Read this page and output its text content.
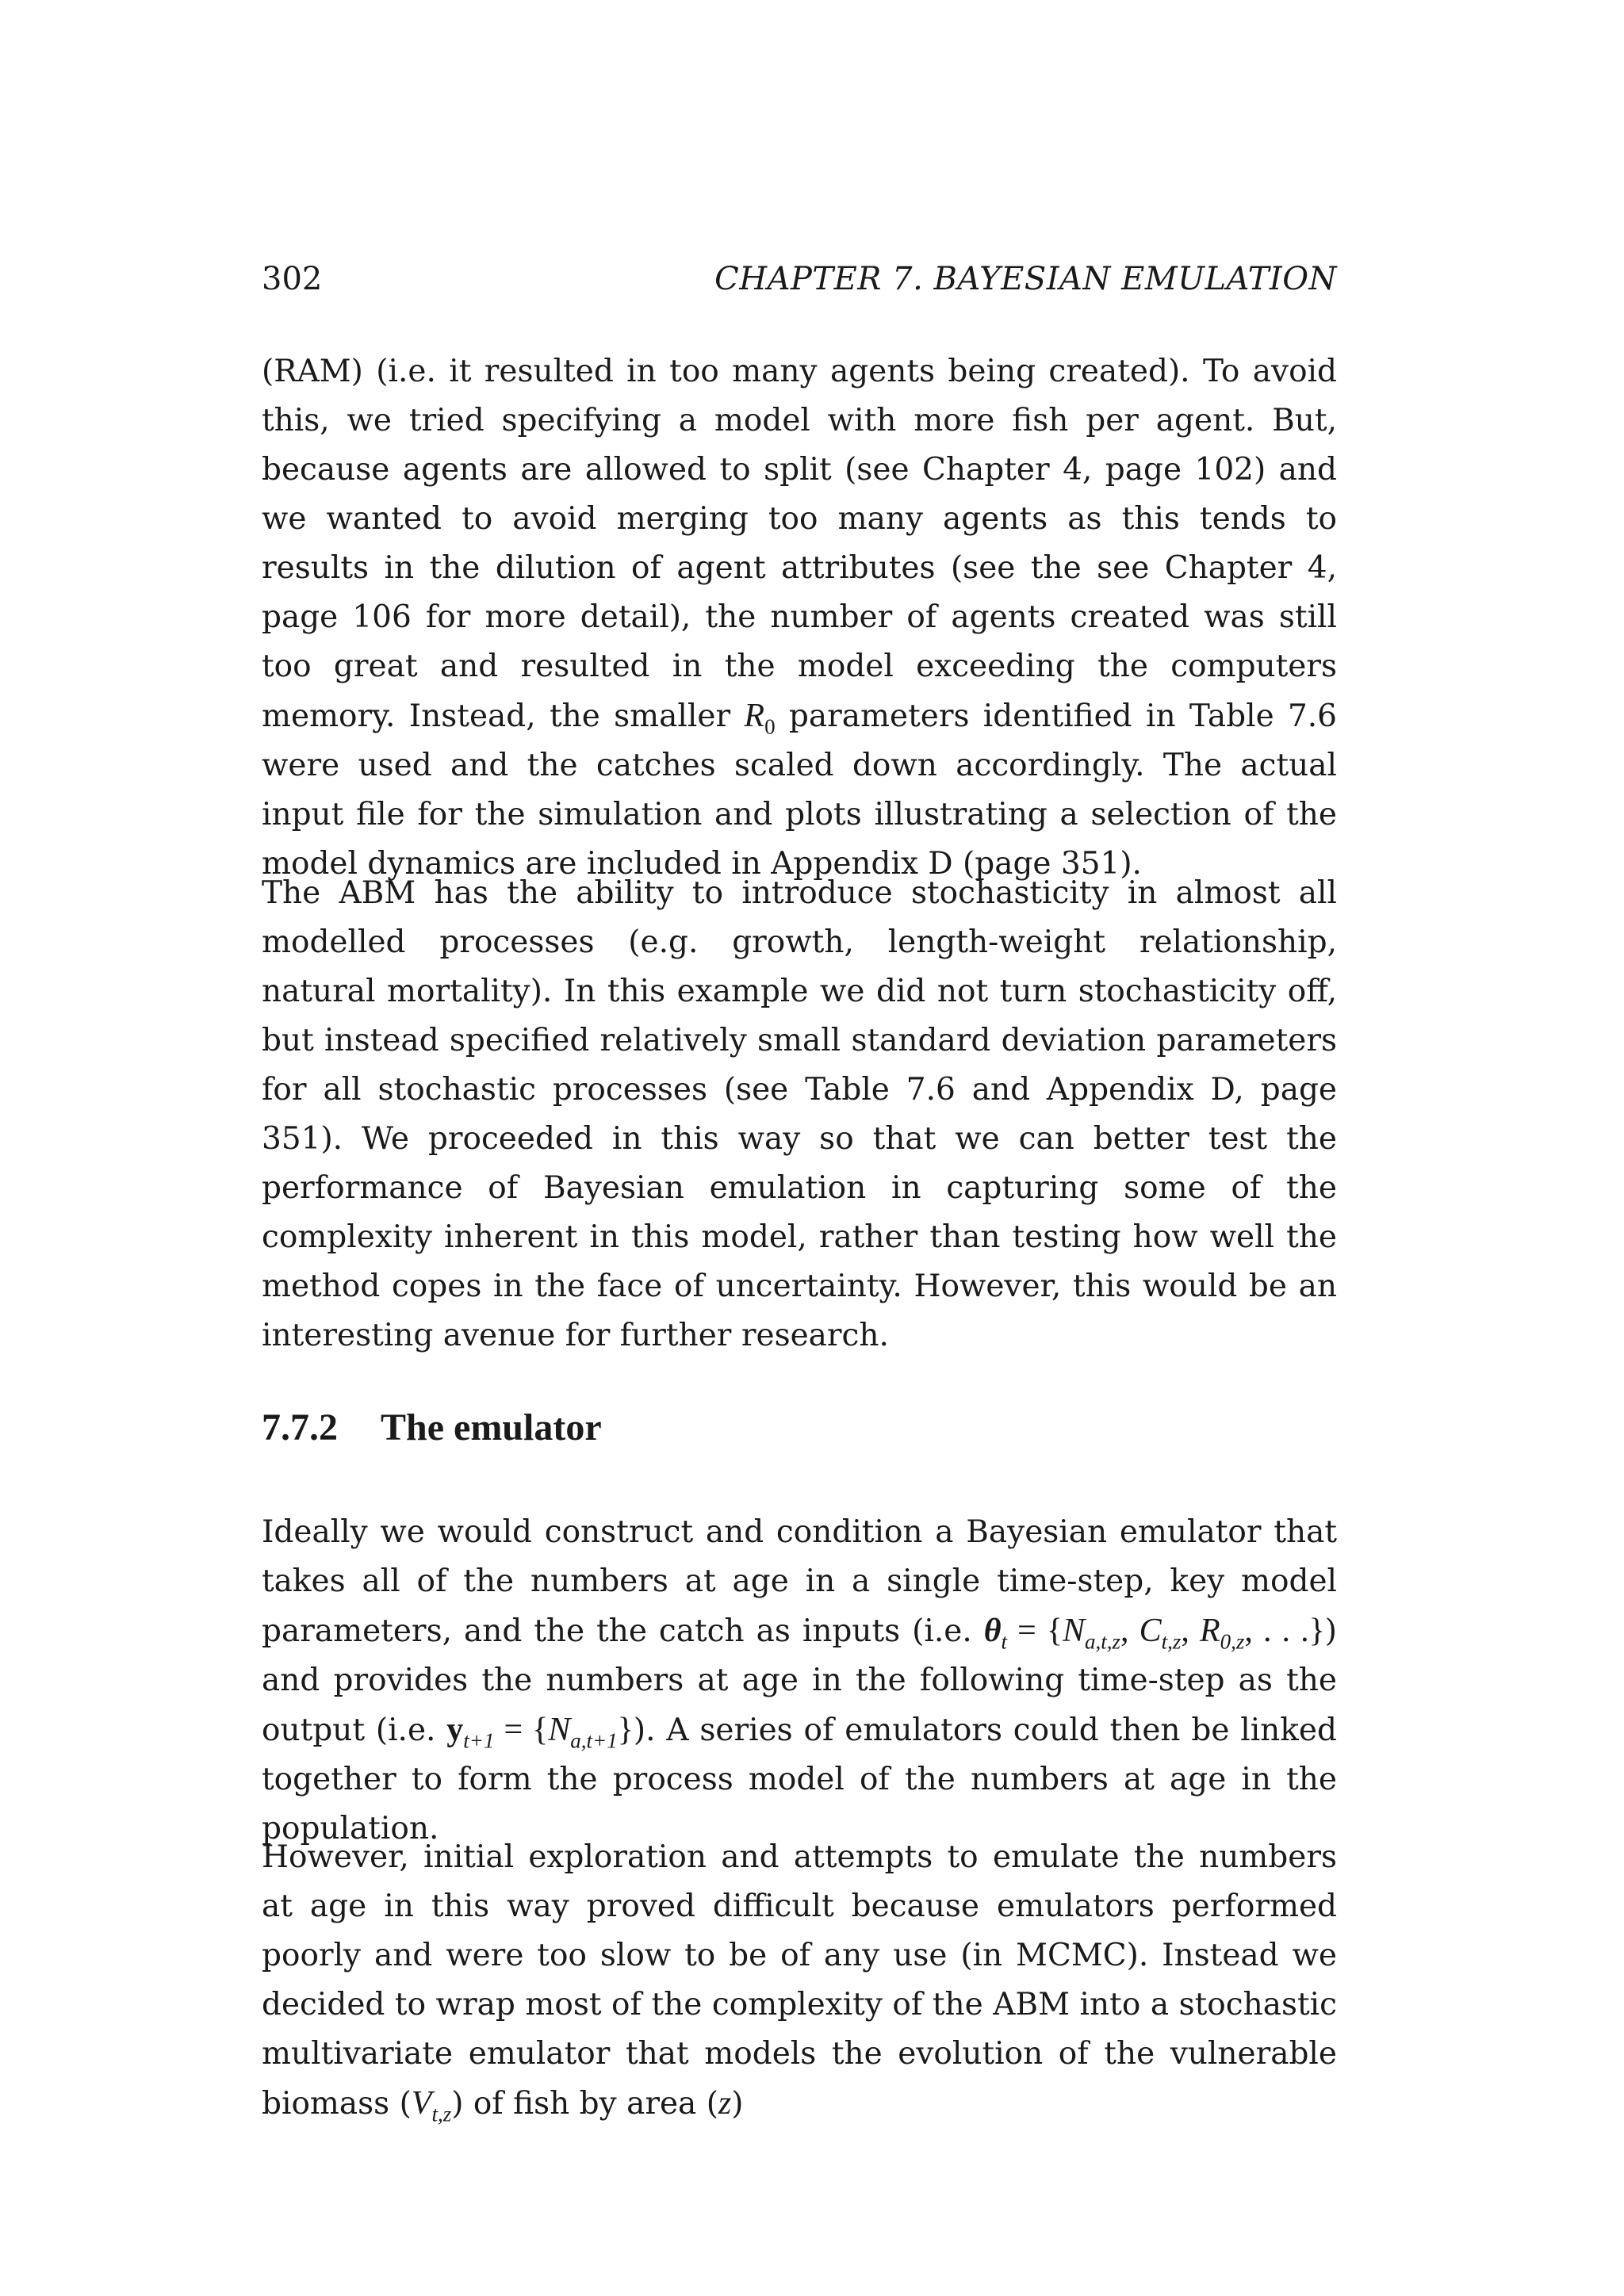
302	CHAPTER 7. BAYESIAN EMULATION

(RAM) (i.e. it resulted in too many agents being created). To avoid this, we tried specifying a model with more fish per agent. But, because agents are allowed to split (see Chapter 4, page 102) and we wanted to avoid merging too many agents as this tends to results in the dilution of agent attributes (see the see Chapter 4, page 106 for more detail), the number of agents created was still too great and resulted in the model exceeding the computers memory. Instead, the smaller $R_0$ parameters identified in Table 7.6 were used and the catches scaled down accordingly. The actual input file for the simulation and plots illustrating a selection of the model dynamics are included in Appendix D (page 351).

The ABM has the ability to introduce stochasticity in almost all modelled processes (e.g. growth, length-weight relationship, natural mortality). In this example we did not turn stochasticity off, but instead specified relatively small standard deviation parameters for all stochastic processes (see Table 7.6 and Appendix D, page 351). We proceeded in this way so that we can better test the performance of Bayesian emulation in capturing some of the complexity inherent in this model, rather than testing how well the method copes in the face of uncertainty. However, this would be an interesting avenue for further research.

7.7.2 The emulator

Ideally we would construct and condition a Bayesian emulator that takes all of the numbers at age in a single time-step, key model parameters, and the the catch as inputs (i.e. $\theta_t = \{N_{a,t,z}$, $C_{t,z}$, $R_{0,z}$, . . .}) and provides the numbers at age in the following time-step as the output (i.e. $y_{t+1} = \{N_{a,t+1}\}$). A series of emulators could then be linked together to form the process model of the numbers at age in the population.

However, initial exploration and attempts to emulate the numbers at age in this way proved difficult because emulators performed poorly and were too slow to be of any use (in MCMC). Instead we decided to wrap most of the complexity of the ABM into a stochastic multivariate emulator that models the evolution of the vulnerable biomass $(V_{t,z})$ of fish by area (z)
